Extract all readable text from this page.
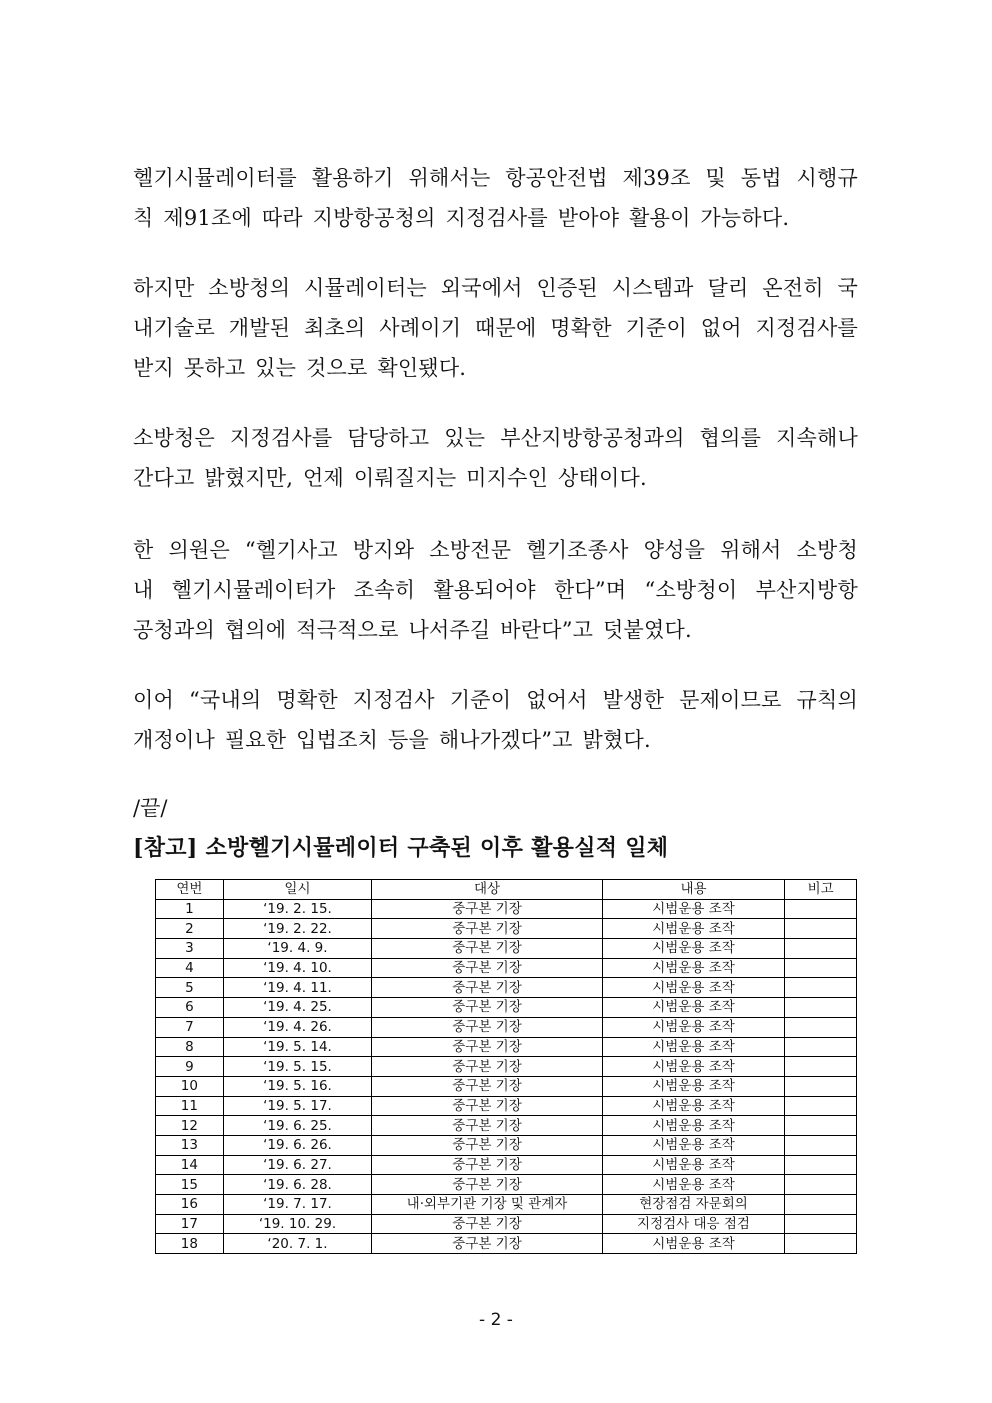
헬기시뮬레이터를 활용하기 위해서는 항공안전법 제39조 및 동법 시행규
칙 제91조에 따라 지방항공청의 지정검사를 받아야 활용이 가능하다.
하지만 소방청의 시뮬레이터는 외국에서 인증된 시스템과 달리 온전히 국
내기술로 개발된 최초의 사례이기 때문에 명확한 기준이 없어 지정검사를
받지 못하고 있는 것으로 확인됐다.
소방청은 지정검사를 담당하고 있는 부산지방항공청과의 협의를 지속해나
간다고 밝혔지만, 언제 이뤄질지는 미지수인 상태이다.
한 의원은 “헬기사고 방지와 소방전문 헬기조종사 양성을 위해서 소방청
내 헬기시뮬레이터가 조속히 활용되어야 한다”며 “소방청이 부산지방항
공청과의 협의에 적극적으로 나서주길 바란다”고 덧붙였다.
이어 “국내의 명확한 지정검사 기준이 없어서 발생한 문제이므로 규칙의
개정이나 필요한 입법조치 등을 해나가겠다”고 밝혔다.
/끝/
[참고] 소방헬기시뮬레이터 구축된 이후 활용실적 일체
연번	일시	대상	내용	비고
1	‘19. 2. 15.	중구본 기장	시범운용 조작	
2	‘19. 2. 22.	중구본 기장	시범운용 조작	
3	‘19. 4. 9.	중구본 기장	시범운용 조작	
4	‘19. 4. 10.	중구본 기장	시범운용 조작	
5	‘19. 4. 11.	중구본 기장	시범운용 조작	
6	‘19. 4. 25.	중구본 기장	시범운용 조작	
7	‘19. 4. 26.	중구본 기장	시범운용 조작	
8	‘19. 5. 14.	중구본 기장	시범운용 조작	
9	‘19. 5. 15.	중구본 기장	시범운용 조작	
10	‘19. 5. 16.	중구본 기장	시범운용 조작	
11	‘19. 5. 17.	중구본 기장	시범운용 조작	
12	‘19. 6. 25.	중구본 기장	시범운용 조작	
13	‘19. 6. 26.	중구본 기장	시범운용 조작	
14	‘19. 6. 27.	중구본 기장	시범운용 조작	
15	‘19. 6. 28.	중구본 기장	시범운용 조작	
16	‘19. 7. 17.	내·외부기관 기장 및 관계자	현장점검 자문회의	
17	‘19. 10. 29.	중구본 기장	지정검사 대응 점검	
18	‘20. 7. 1.	중구본 기장	시범운용 조작	
- 2 -
